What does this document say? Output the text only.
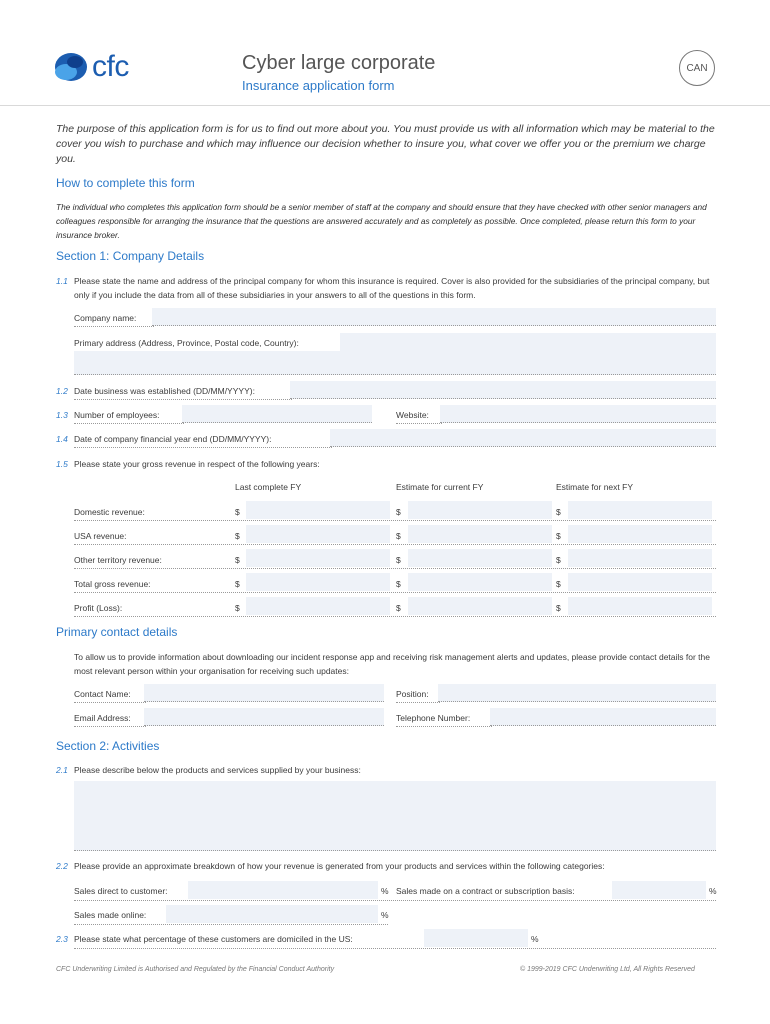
cfc	Cyber large corporate
Insurance application form
CAN
The purpose of this application form is for us to find out more about you. You must provide us with all information which may be material to the cover you wish to purchase and which may influence our decision whether to insure you, what cover we offer you or the premium we charge you.
How to complete this form
The individual who completes this application form should be a senior member of staff at the company and should ensure that they have checked with other senior managers and colleagues responsible for arranging the insurance that the questions are answered accurately and as completely as possible. Once completed, please return this form to your insurance broker.
Section 1: Company Details
1.1 Please state the name and address of the principal company for whom this insurance is required. Cover is also provided for the subsidiaries of the principal company, but only if you include the data from all of these subsidiaries in your answers to all of the questions in this form.
Company name:
Primary address (Address, Province, Postal code, Country):
1.2 Date business was established (DD/MM/YYYY):
1.3 Number of employees:	Website:
1.4 Date of company financial year end (DD/MM/YYYY):
1.5 Please state your gross revenue in respect of the following years:
Last complete FY	Estimate for current FY	Estimate for next FY
Domestic revenue:	$	$	$
USA revenue:	$	$	$
Other territory revenue:	$	$	$
Total gross revenue:	$	$	$
Profit (Loss):	$	$	$
Primary contact details
To allow us to provide information about downloading our incident response app and receiving risk management alerts and updates, please provide contact details for the most relevant person within your organisation for receiving such updates:
Contact Name:	Position:
Email Address:	Telephone Number:
Section 2: Activities
2.1 Please describe below the products and services supplied by your business:
2.2 Please provide an approximate breakdown of how your revenue is generated from your products and services within the following categories:
Sales direct to customer:	% Sales made on a contract or subscription basis:	%
Sales made online:	%
2.3 Please state what percentage of these customers are domiciled in the US:	%
CFC Underwriting Limited is Authorised and Regulated by the Financial Conduct Authority	© 1999-2019 CFC Underwriting Ltd, All Rights Reserved
